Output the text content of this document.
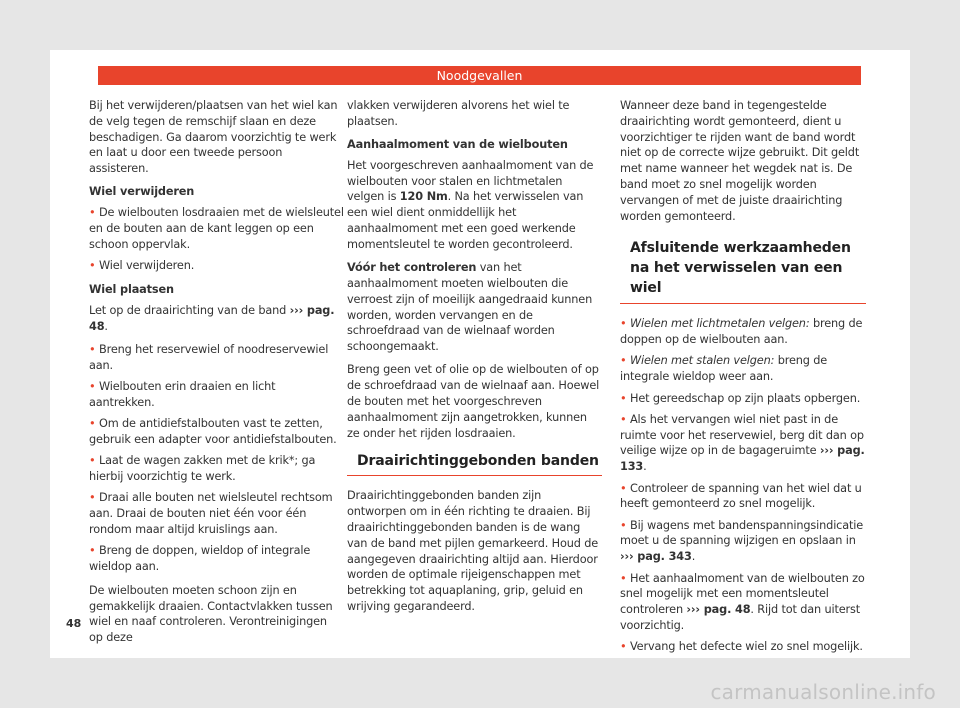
Noodgevallen

Bij het verwijderen/plaatsen van het wiel kan de velg tegen de remschijf slaan en deze beschadigen. Ga daarom voorzichtig te werk en laat u door een tweede persoon assisteren.

Wiel verwijderen

• De wielbouten losdraaien met de wielsleutel en de bouten aan de kant leggen op een schoon oppervlak.

• Wiel verwijderen.

Wiel plaatsen

Let op de draairichting van de band ››› pag. 48.

• Breng het reservewiel of noodreservewiel aan.

• Wielbouten erin draaien en licht aantrekken.

• Om de antidiefstalbouten vast te zetten, gebruik een adapter voor antidiefstalbouten.

• Laat de wagen zakken met de krik*; ga hierbij voorzichtig te werk.

• Draai alle bouten net wielsleutel rechtsom aan. Draai de bouten niet één voor één rondom maar altijd kruislings aan.

• Breng de doppen, wieldop of integrale wieldop aan.

De wielbouten moeten schoon zijn en gemakkelijk draaien. Contactvlakken tussen wiel en naaf controleren. Verontreinigingen op deze

vlakken verwijderen alvorens het wiel te plaatsen.

Aanhaalmoment van de wielbouten

Het voorgeschreven aanhaalmoment van de wielbouten voor stalen en lichtmetalen velgen is 120 Nm. Na het verwisselen van een wiel dient onmiddellijk het aanhaalmoment met een goed werkende momentsleutel te worden gecontroleerd.

Vóór het controleren van het aanhaalmoment moeten wielbouten die verroest zijn of moeilijk aangedraaid kunnen worden, worden vervangen en de schroefdraad van de wielnaaf worden schoongemaakt.

Breng geen vet of olie op de wielbouten of op de schroefdraad van de wielnaaf aan. Hoewel de bouten met het voorgeschreven aanhaalmoment zijn aangetrokken, kunnen ze onder het rijden losdraaien.

Draairichtinggebonden banden

Draairichtinggebonden banden zijn ontworpen om in één richting te draaien. Bij draairichtinggebonden banden is de wang van de band met pijlen gemarkeerd. Houd de aangegeven draairichting altijd aan. Hierdoor worden de optimale rijeigenschappen met betrekking tot aquaplaning, grip, geluid en wrijving gegarandeerd.

Wanneer deze band in tegengestelde draairichting wordt gemonteerd, dient u voorzichtiger te rijden want de band wordt niet op de correcte wijze gebruikt. Dit geldt met name wanneer het wegdek nat is. De band moet zo snel mogelijk worden vervangen of met de juiste draairichting worden gemonteerd.

Afsluitende werkzaamheden na het verwisselen van een wiel

• Wielen met lichtmetalen velgen: breng de doppen op de wielbouten aan.

• Wielen met stalen velgen: breng de integrale wieldop weer aan.

• Het gereedschap op zijn plaats opbergen.

• Als het vervangen wiel niet past in de ruimte voor het reservewiel, berg dit dan op veilige wijze op in de bagageruimte ››› pag. 133.

• Controleer de spanning van het wiel dat u heeft gemonteerd zo snel mogelijk.

• Bij wagens met bandenspanningsindicatie moet u de spanning wijzigen en opslaan in ››› pag. 343.

• Het aanhaalmoment van de wielbouten zo snel mogelijk met een momentsleutel controleren ››› pag. 48. Rijd tot dan uiterst voorzichtig.

• Vervang het defecte wiel zo snel mogelijk.

48
carmanualsonline.info
